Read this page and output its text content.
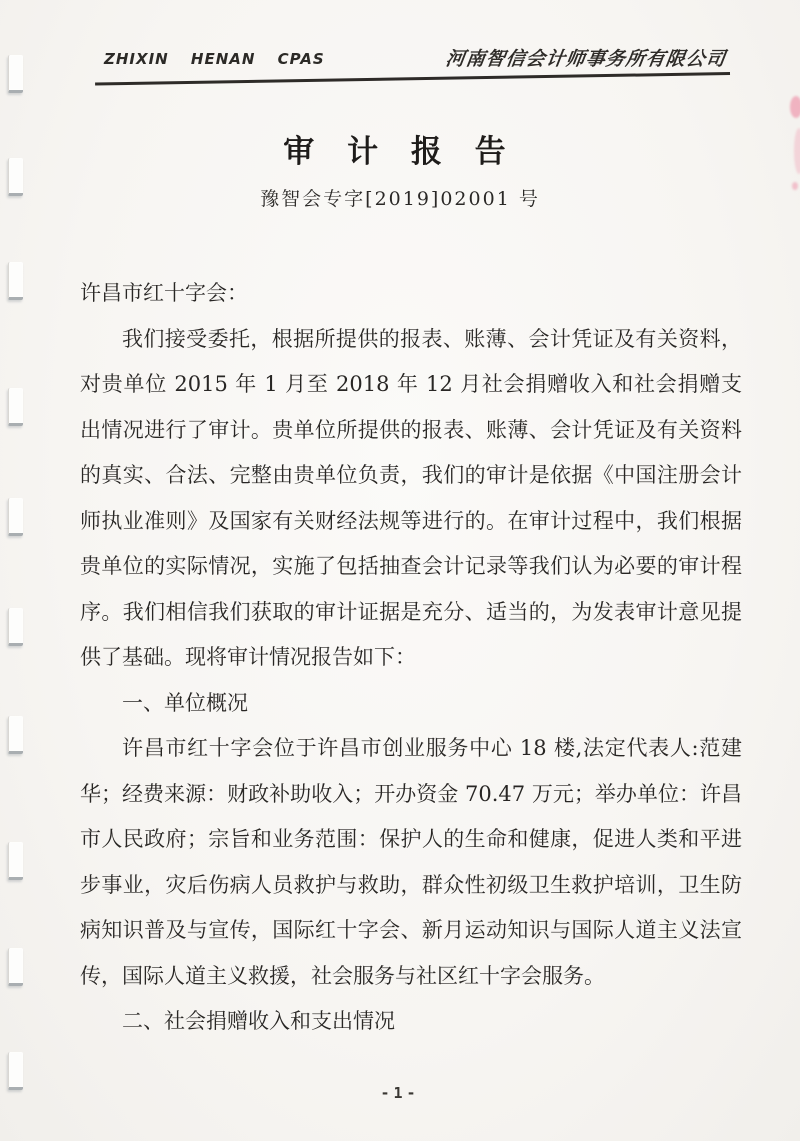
ZHIXIN HENAN CPAS	河南智信会计师事务所有限公司
审 计 报 告
豫智会专字[2019]02001 号

许昌市红十字会：

我们接受委托，根据所提供的报表、账薄、会计凭证及有关资料，对贵单位 2015 年 1 月至 2018 年 12 月社会捐赠收入和社会捐赠支出情况进行了审计。贵单位所提供的报表、账薄、会计凭证及有关资料的真实、合法、完整由贵单位负责，我们的审计是依据《中国注册会计师执业准则》及国家有关财经法规等进行的。在审计过程中，我们根据贵单位的实际情况，实施了包括抽查会计记录等我们认为必要的审计程序。我们相信我们获取的审计证据是充分、适当的，为发表审计意见提供了基础。现将审计情况报告如下：

一、单位概况

许昌市红十字会位于许昌市创业服务中心 18 楼,法定代表人:范建华；经费来源：财政补助收入；开办资金 70.47 万元；举办单位：许昌市人民政府；宗旨和业务范围：保护人的生命和健康，促进人类和平进步事业，灾后伤病人员救护与救助，群众性初级卫生救护培训，卫生防病知识普及与宣传，国际红十字会、新月运动知识与国际人道主义法宣传，国际人道主义救援，社会服务与社区红十字会服务。

二、社会捐赠收入和支出情况

-1-
